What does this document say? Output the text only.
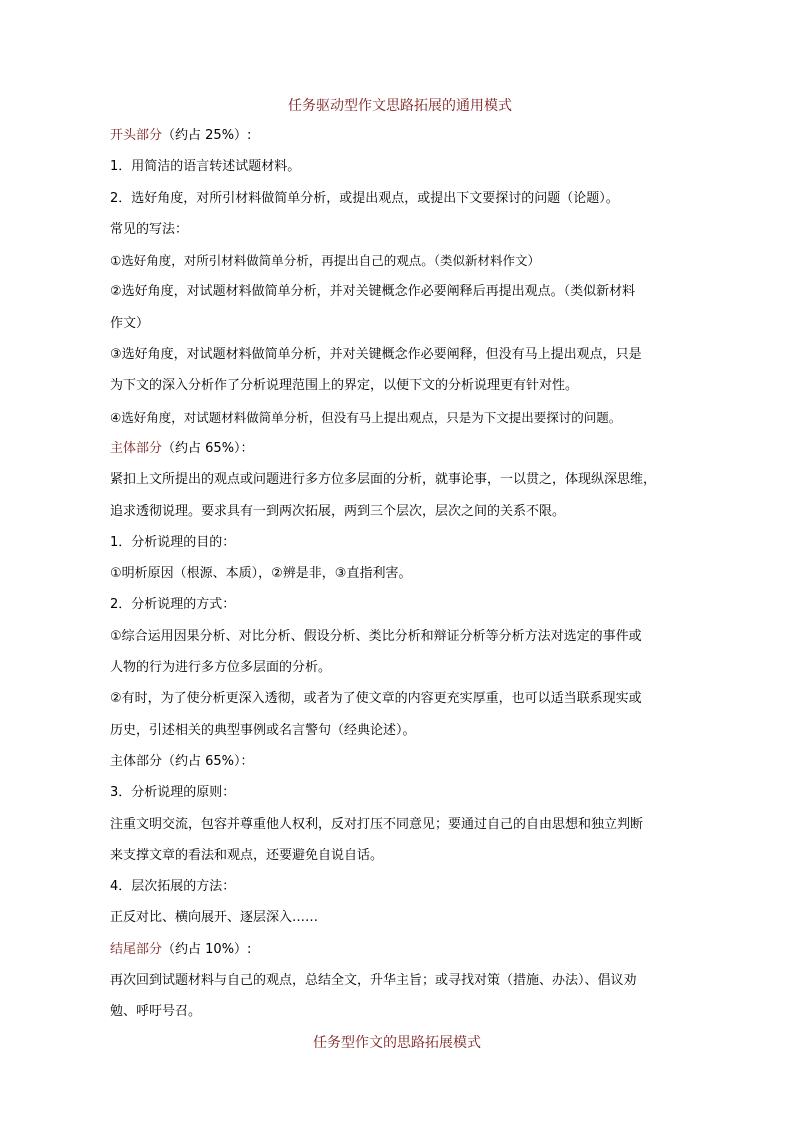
任务驱动型作文思路拓展的通用模式
开头部分（约占 25%）:
1．用简洁的语言转述试题材料。
2．选好角度，对所引材料做简单分析，或提出观点，或提出下文要探讨的问题（论题）。
常见的写法：
①选好角度，对所引材料做简单分析，再提出自己的观点。（类似新材料作文）
②选好角度，对试题材料做简单分析，并对关键概念作必要阐释后再提出观点。（类似新材料
作文）
③选好角度，对试题材料做简单分析，并对关键概念作必要阐释，但没有马上提出观点，只是
为下文的深入分析作了分析说理范围上的界定，以便下文的分析说理更有针对性。
④选好角度，对试题材料做简单分析，但没有马上提出观点，只是为下文提出要探讨的问题。
主体部分（约占 65%）：
紧扣上文所提出的观点或问题进行多方位多层面的分析，就事论事，一以贯之，体现纵深思维，
追求透彻说理。要求具有一到两次拓展，两到三个层次，层次之间的关系不限。
1．分析说理的目的：
①明析原因（根源、本质），②辨是非，③直指利害。
2．分析说理的方式：
①综合运用因果分析、对比分析、假设分析、类比分析和辩证分析等分析方法对选定的事件或
人物的行为进行多方位多层面的分析。
②有时，为了使分析更深入透彻，或者为了使文章的内容更充实厚重，也可以适当联系现实或
历史，引述相关的典型事例或名言警句（经典论述）。
主体部分（约占 65%）：
3．分析说理的原则：
注重文明交流，包容并尊重他人权利，反对打压不同意见；要通过自己的自由思想和独立判断
来支撑文章的看法和观点，还要避免自说自话。
4．层次拓展的方法：
正反对比、横向展开、逐层深入……
结尾部分（约占 10%）:
再次回到试题材料与自己的观点，总结全文，升华主旨；或寻找对策（措施、办法）、倡议劝
勉、呼吁号召。
任务型作文的思路拓展模式
